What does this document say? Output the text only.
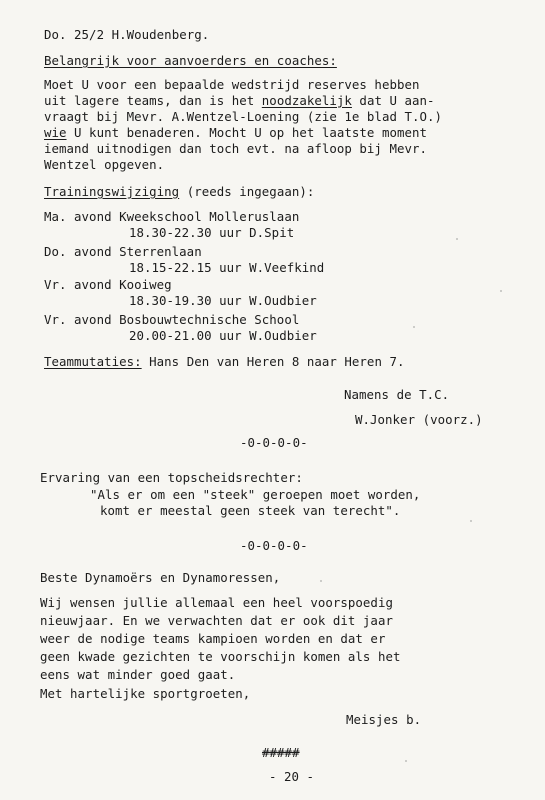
Do. 25/2 H.Woudenberg.
Belangrijk voor aanvoerders en coaches:
Moet U voor een bepaalde wedstrijd reserves hebben
uit lagere teams, dan is het noodzakelijk dat U aan-
vraagt bij Mevr. A.Wentzel-Loening (zie 1e blad T.O.)
wie U kunt benaderen. Mocht U op het laatste moment
iemand uitnodigen dan toch evt. na afloop bij Mevr.
Wentzel opgeven.
Trainingswijziging (reeds ingegaan):
Ma. avond Kweekschool Molleruslaan
18.30-22.30 uur D.Spit
Do. avond Sterrenlaan
18.15-22.15 uur W.Veefkind
Vr. avond Kooiweg
18.30-19.30 uur W.Oudbier
Vr. avond Bosbouwtechnische School
20.00-21.00 uur W.Oudbier
Teammutaties: Hans Den van Heren 8 naar Heren 7.
Namens de T.C.
W.Jonker (voorz.)
-0-0-0-0-
Ervaring van een topscheidsrechter:
"Als er om een "steek" geroepen moet worden,
komt er meestal geen steek van terecht".
-0-0-0-0-
Beste Dynamoërs en Dynamoressen,
Wij wensen jullie allemaal een heel voorspoedig
nieuwjaar. En we verwachten dat er ook dit jaar
weer de nodige teams kampioen worden en dat er
geen kwade gezichten te voorschijn komen als het
eens wat minder goed gaat.
Met hartelijke sportgroeten,
Meisjes b.
#####
- 20 -
